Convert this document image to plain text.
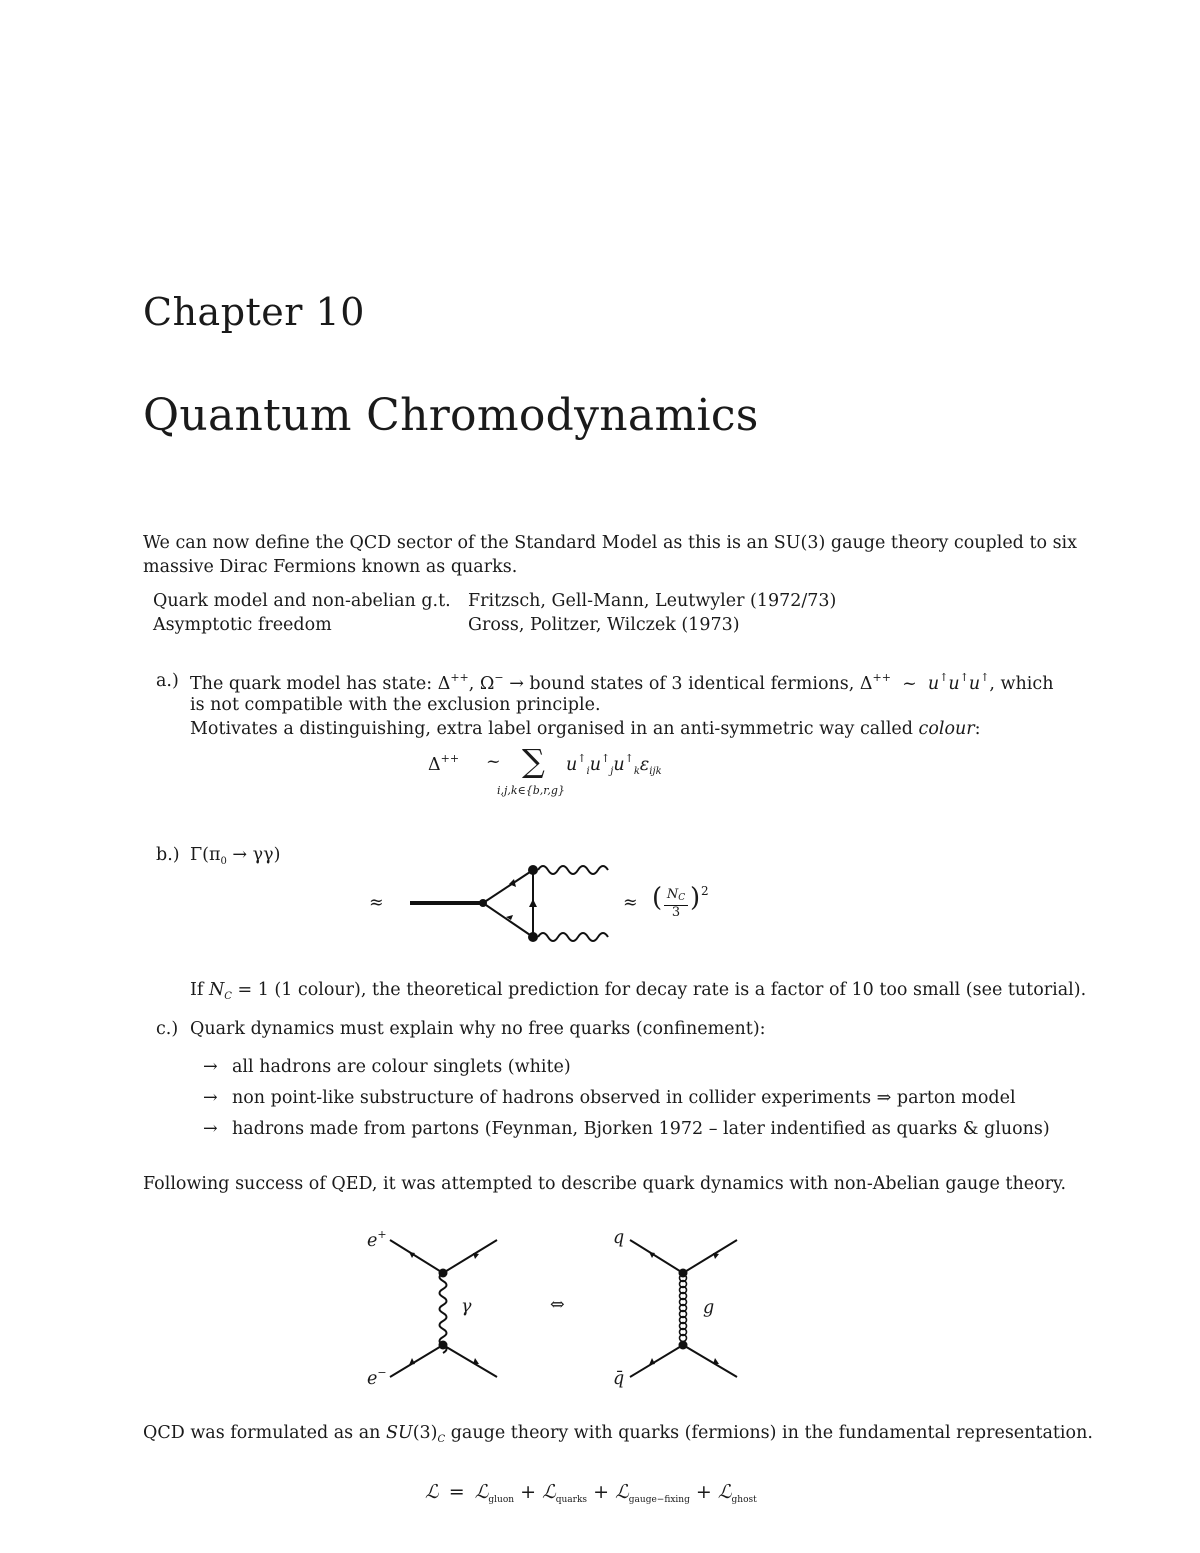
Chapter 10
Quantum Chromodynamics
We can now define the QCD sector of the Standard Model as this is an SU(3) gauge theory coupled to six
massive Dirac Fermions known as quarks.
Quark model and non-abelian g.t. Fritzsch, Gell-Mann, Leutwyler (1972/73)
Asymptotic freedom	Gross, Politzer, Wilczek (1973)
a.) The quark model has state: Δ++, Ω− → bound states of 3 identical fermions, Δ++ ~ u↑u↑u↑, which
is not compatible with the exclusion principle.
Motivates a distinguishing, extra label organised in an anti-symmetric way called colour:
Δ++ ~ ∑ $u^↑_iu^↑_ju^↑_k\varepsilon_{ijk}$
i,j,k∈{b,r,g}
b.) $\Gamma(\pi_0 \to \gamma\gamma)$
≈	≈ ( $N_C$
3 ) 2
If $N_C = 1$ (1 colour), the theoretical prediction for decay rate is a factor of 10 too small (see tutorial).
c.) Quark dynamics must explain why no free quarks (confinement):
→ all hadrons are colour singlets (white)
→ non point-like substructure of hadrons observed in collider experiments ⇒ parton model
→ hadrons made from partons (Feynman, Bjorken 1972 – later indentified as quarks & gluons)
Following success of QED, it was attempted to describe quark dynamics with non-Abelian gauge theory.
e+
e−
γ	⇔
q
q̄
g
QCD was formulated as an $SU(3)_C$ gauge theory with quarks (fermions) in the fundamental representation.
ℒ = ℒ$_{gluon}$ + ℒ$_{quarks}$ + ℒ$_{gauge-fixing}$ + ℒ$_{ghost}$
